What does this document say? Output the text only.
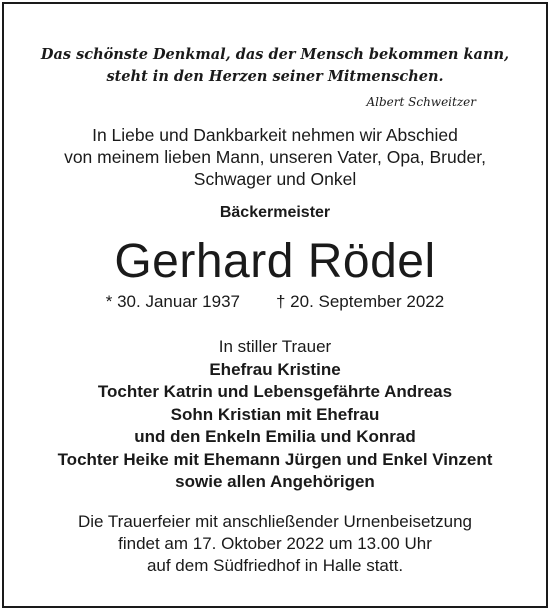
Das schönste Denkmal, das der Mensch bekommen kann,
steht in den Herzen seiner Mitmenschen.
Albert Schweitzer
In Liebe und Dankbarkeit nehmen wir Abschied
von meinem lieben Mann, unseren Vater, Opa, Bruder,
Schwager und Onkel
Bäckermeister
Gerhard Rödel
* 30. Januar 1937 † 20. September 2022
In stiller Trauer
Ehefrau Kristine
Tochter Katrin und Lebensgefährte Andreas
Sohn Kristian mit Ehefrau
und den Enkeln Emilia und Konrad
Tochter Heike mit Ehemann Jürgen und Enkel Vinzent
sowie allen Angehörigen
Die Trauerfeier mit anschließender Urnenbeisetzung
findet am 17. Oktober 2022 um 13.00 Uhr
auf dem Südfriedhof in Halle statt.
